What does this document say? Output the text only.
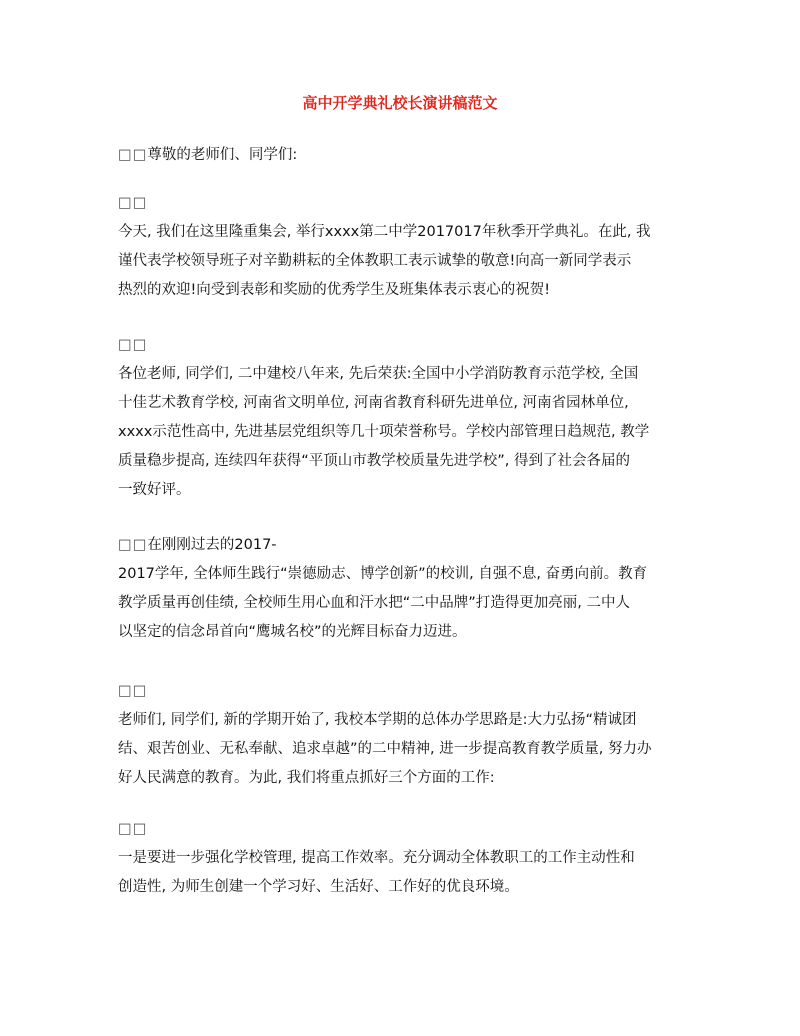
高中开学典礼校长演讲稿范文
□□尊敬的老师们、同学们:
□□
今天, 我们在这里隆重集会, 举行xxxx第二中学2017017年秋季开学典礼。在此, 我
谨代表学校领导班子对辛勤耕耘的全体教职工表示诚挚的敬意!向高一新同学表示
热烈的欢迎!向受到表彰和奖励的优秀学生及班集体表示衷心的祝贺!
□□
各位老师, 同学们, 二中建校八年来, 先后荣获:全国中小学消防教育示范学校, 全国
十佳艺术教育学校, 河南省文明单位, 河南省教育科研先进单位, 河南省园林单位,
xxxx示范性高中, 先进基层党组织等几十项荣誉称号。学校内部管理日趋规范, 教学
质量稳步提高, 连续四年获得“平顶山市教学校质量先进学校”, 得到了社会各届的
一致好评。
□□在刚刚过去的2017-
2017学年, 全体师生践行“崇德励志、博学创新”的校训, 自强不息, 奋勇向前。教育
教学质量再创佳绩, 全校师生用心血和汗水把“二中品牌”打造得更加亮丽, 二中人
以坚定的信念昂首向“鹰城名校”的光辉目标奋力迈进。
□□
老师们, 同学们, 新的学期开始了, 我校本学期的总体办学思路是:大力弘扬“精诚团
结、艰苦创业、无私奉献、追求卓越”的二中精神, 进一步提高教育教学质量, 努力办
好人民满意的教育。为此, 我们将重点抓好三个方面的工作:
□□
一是要进一步强化学校管理, 提高工作效率。充分调动全体教职工的工作主动性和
创造性, 为师生创建一个学习好、生活好、工作好的优良环境。
